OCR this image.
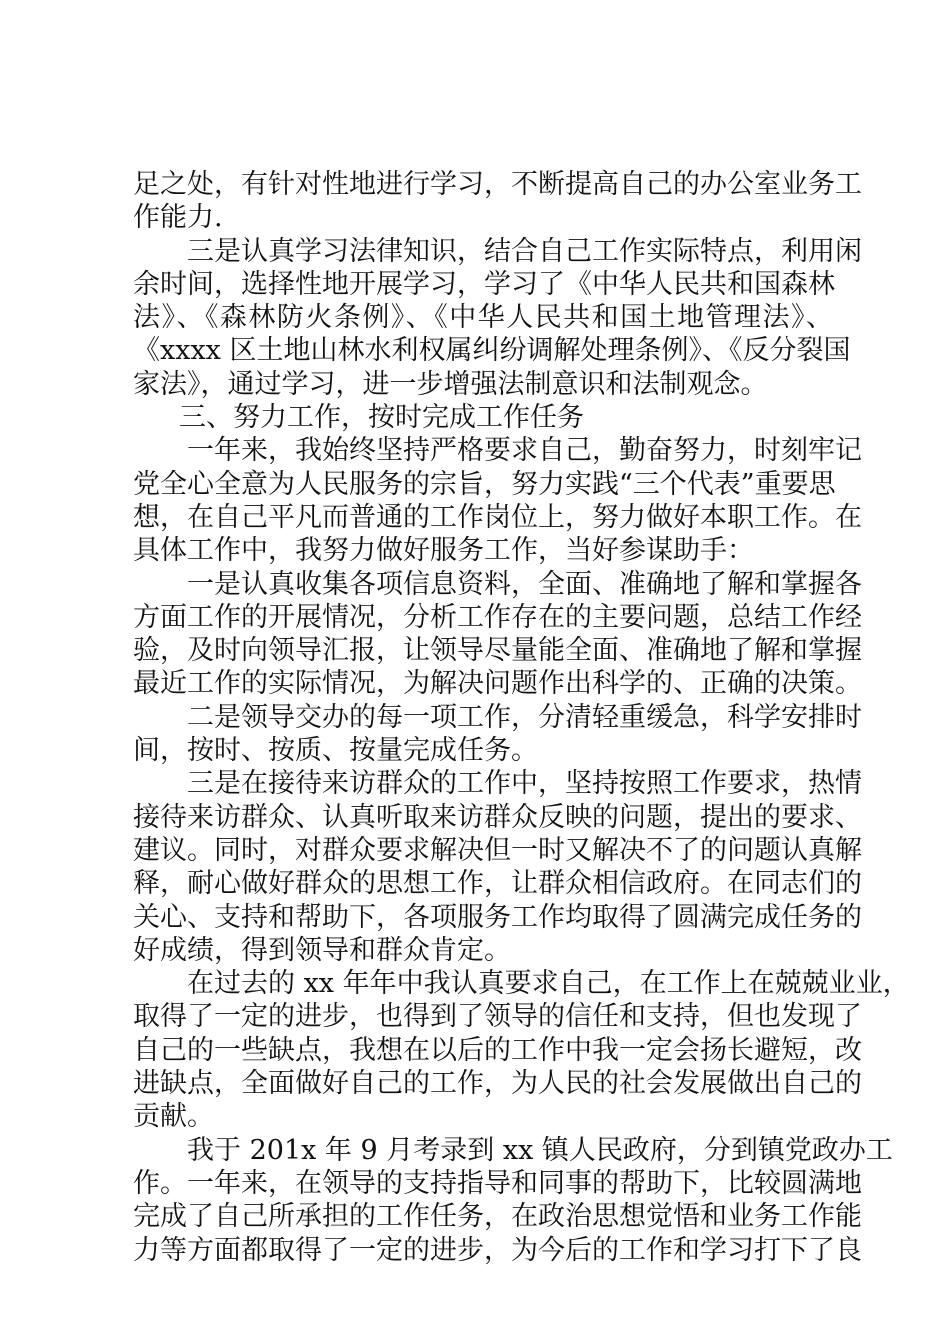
足之处，有针对性地进行学习，不断提高自己的办公室业务工
作能力.
三是认真学习法律知识，结合自己工作实际特点，利用闲
余时间，选择性地开展学习，学习了《中华人民共和国森林
法》、《森林防火条例》、《中华人民共和国土地管理法》、
《xxxx 区土地山林水利权属纠纷调解处理条例》、《反分裂国
家法》，通过学习，进一步增强法制意识和法制观念。
三、努力工作，按时完成工作任务
一年来，我始终坚持严格要求自己，勤奋努力，时刻牢记
党全心全意为人民服务的宗旨，努力实践“三个代表”重要思
想，在自己平凡而普通的工作岗位上，努力做好本职工作。在
具体工作中，我努力做好服务工作，当好参谋助手：
一是认真收集各项信息资料，全面、准确地了解和掌握各
方面工作的开展情况，分析工作存在的主要问题，总结工作经
验，及时向领导汇报，让领导尽量能全面、准确地了解和掌握
最近工作的实际情况，为解决问题作出科学的、正确的决策。
二是领导交办的每一项工作，分清轻重缓急，科学安排时
间，按时、按质、按量完成任务。
三是在接待来访群众的工作中，坚持按照工作要求，热情
接待来访群众、认真听取来访群众反映的问题，提出的要求、
建议。同时，对群众要求解决但一时又解决不了的问题认真解
释，耐心做好群众的思想工作，让群众相信政府。在同志们的
关心、支持和帮助下，各项服务工作均取得了圆满完成任务的
好成绩，得到领导和群众肯定。
在过去的 xx 年年中我认真要求自己，在工作上在兢兢业业，
取得了一定的进步，也得到了领导的信任和支持，但也发现了
自己的一些缺点，我想在以后的工作中我一定会扬长避短，改
进缺点，全面做好自己的工作，为人民的社会发展做出自己的
贡献。
我于 201x 年 9 月考录到 xx 镇人民政府，分到镇党政办工
作。一年来，在领导的支持指导和同事的帮助下，比较圆满地
完成了自己所承担的工作任务，在政治思想觉悟和业务工作能
力等方面都取得了一定的进步，为今后的工作和学习打下了良
